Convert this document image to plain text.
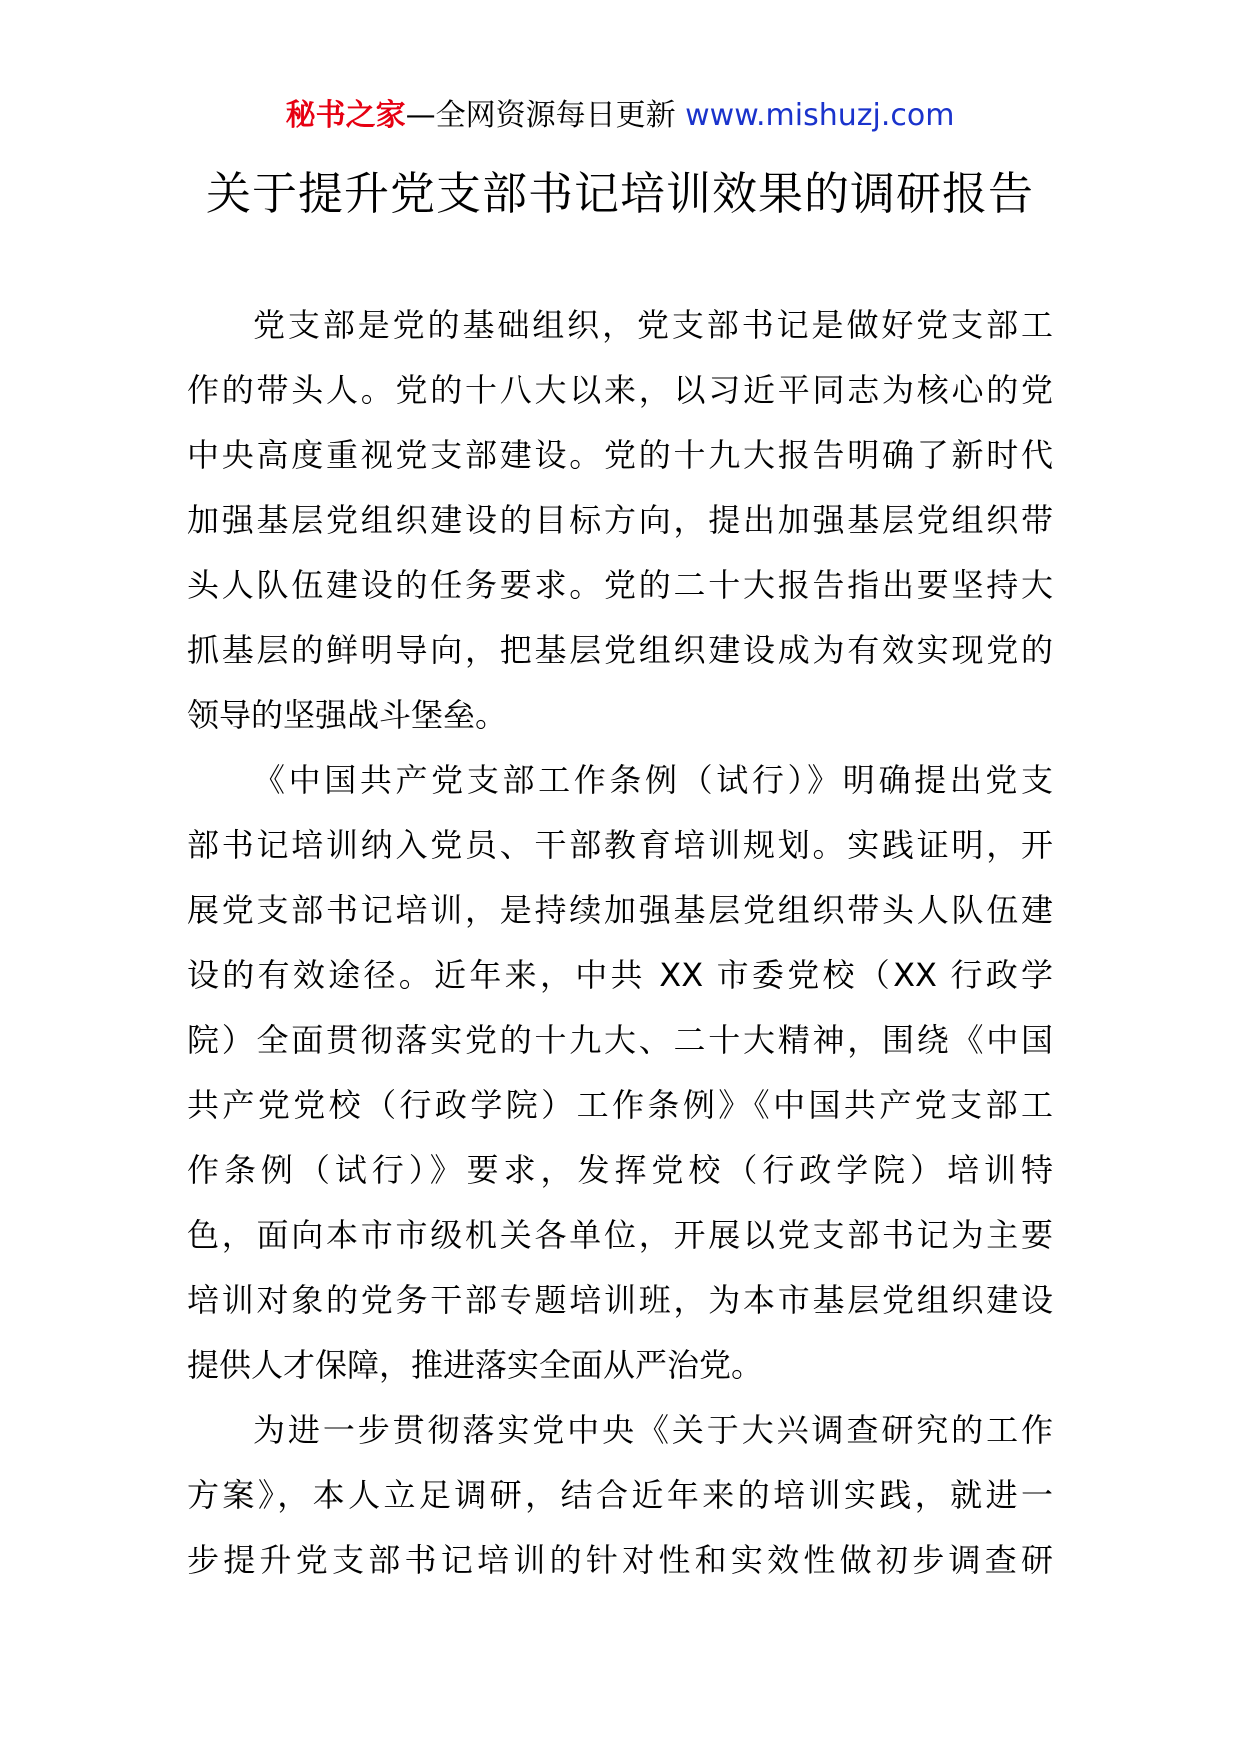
秘书之家—全网资源每日更新 www.mishuzj.com
关于提升党支部书记培训效果的调研报告

党支部是党的基础组织，党支部书记是做好党支部工
作的带头人。党的十八大以来，以习近平同志为核心的党
中央高度重视党支部建设。党的十九大报告明确了新时代
加强基层党组织建设的目标方向，提出加强基层党组织带
头人队伍建设的任务要求。党的二十大报告指出要坚持大
抓基层的鲜明导向，把基层党组织建设成为有效实现党的
领导的坚强战斗堡垒。

《中国共产党支部工作条例（试行）》明确提出党支
部书记培训纳入党员、干部教育培训规划。实践证明，开
展党支部书记培训，是持续加强基层党组织带头人队伍建
设的有效途径。近年来，中共 XX 市委党校（XX 行政学
院）全面贯彻落实党的十九大、二十大精神，围绕《中国
共产党党校（行政学院）工作条例》《中国共产党支部工
作条例（试行）》要求，发挥党校（行政学院）培训特
色，面向本市市级机关各单位，开展以党支部书记为主要
培训对象的党务干部专题培训班，为本市基层党组织建设
提供人才保障，推进落实全面从严治党。

为进一步贯彻落实党中央《关于大兴调查研究的工作
方案》，本人立足调研，结合近年来的培训实践，就进一
步提升党支部书记培训的针对性和实效性做初步调查研
